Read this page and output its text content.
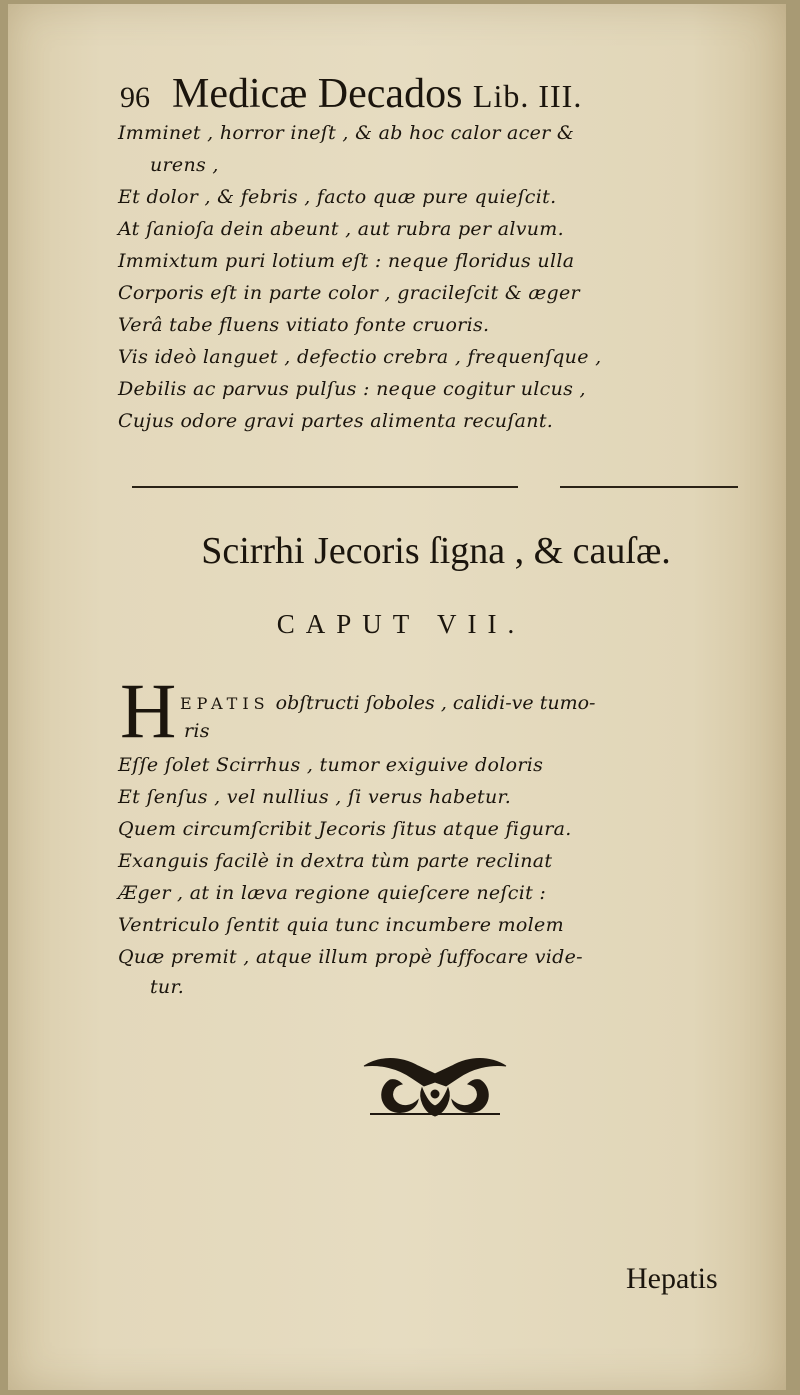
96 Medicæ Decados Lib. III.
Imminet , horror ineſt , & ab hoc calor acer &
urens ,
Et dolor , & febris , facto quæ pure quieſcit.
At ſanioſa dein abeunt , aut rubra per alvum.
Immixtum puri lotium eſt : neque floridus ulla
Corporis eſt in parte color , gracileſcit & æger
Verâ tabe fluens vitiato fonte cruoris.
Vis ideò languet , defectio crebra , frequenſque ,
Debilis ac parvus pulſus : neque cogitur ulcus ,
Cujus odore gravi partes alimenta recuſant.
Scirrhi Jecoris ſigna , & cauſæ.
CAPUT VII.
H EPATIS obſtructi ſoboles , calidi-ve tumo-
ris
Eſſe ſolet Scirrhus , tumor exiguive doloris
Et ſenſus , vel nullius , ſi verus habetur.
Quem circumſcribit Jecoris ſitus atque figura.
Exanguis facilè in dextra tùm parte reclinat
Æger , at in læva regione quieſcere neſcit :
Ventriculo ſentit quia tunc incumbere molem
Quæ premit , atque illum propè ſuffocare vide-
tur.
Hepatis
